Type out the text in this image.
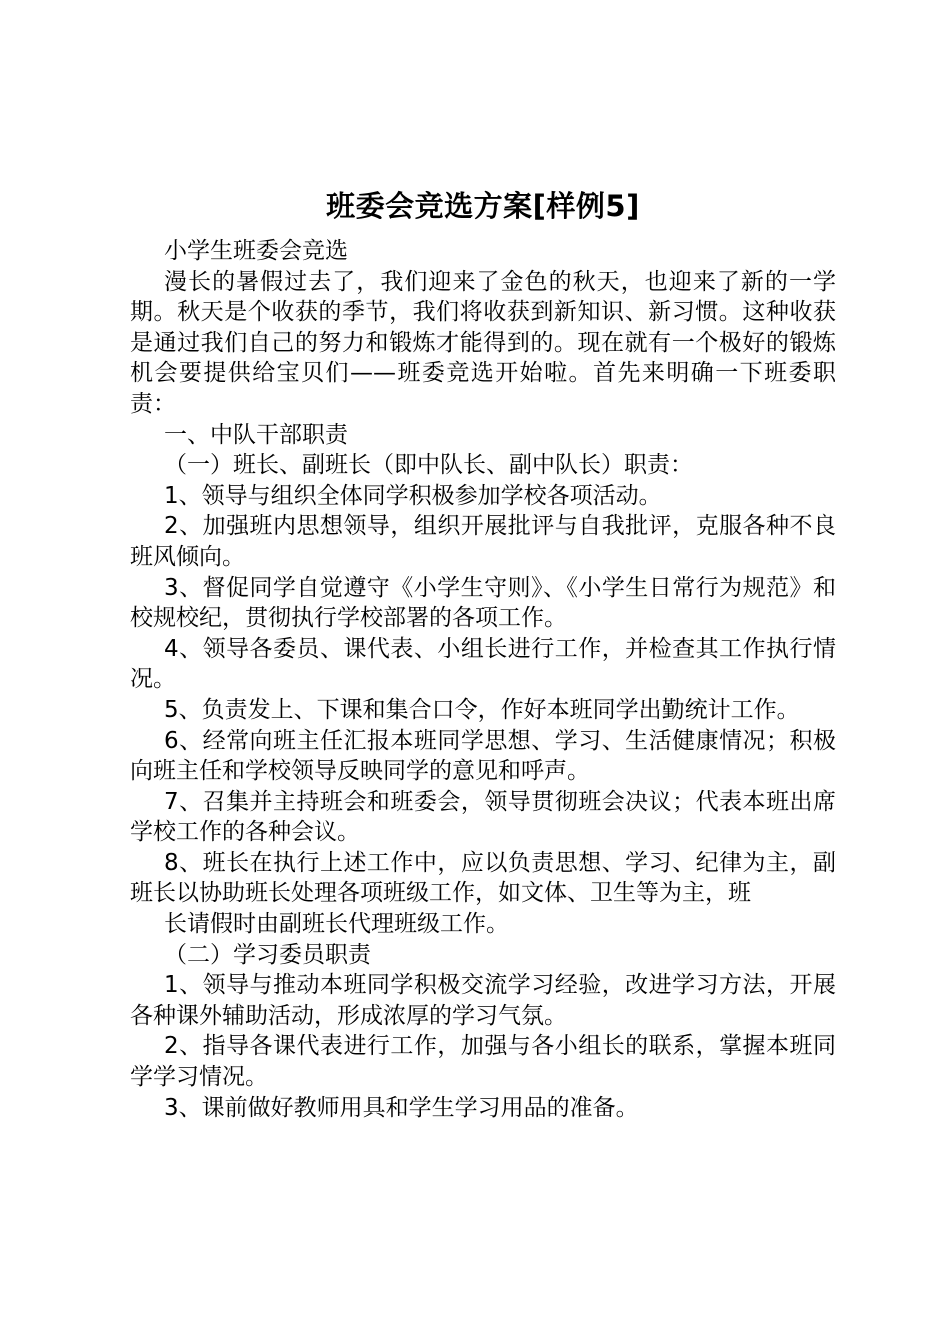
班委会竞选方案[样例5]

小学生班委会竞选

漫长的暑假过去了，我们迎来了金色的秋天，也迎来了新的一学期。秋天是个收获的季节，我们将收获到新知识、新习惯。这种收获是通过我们自己的努力和锻炼才能得到的。现在就有一个极好的锻炼机会要提供给宝贝们——班委竞选开始啦。首先来明确一下班委职责：

一、中队干部职责

（一）班长、副班长（即中队长、副中队长）职责：

1、领导与组织全体同学积极参加学校各项活动。

2、加强班内思想领导，组织开展批评与自我批评，克服各种不良班风倾向。

3、督促同学自觉遵守《小学生守则》、《小学生日常行为规范》和校规校纪，贯彻执行学校部署的各项工作。

4、领导各委员、课代表、小组长进行工作，并检查其工作执行情况。

5、负责发上、下课和集合口令，作好本班同学出勤统计工作。

6、经常向班主任汇报本班同学思想、学习、生活健康情况；积极向班主任和学校领导反映同学的意见和呼声。

7、召集并主持班会和班委会，领导贯彻班会决议；代表本班出席学校工作的各种会议。

8、班长在执行上述工作中，应以负责思想、学习、纪律为主，副班长以协助班长处理各项班级工作，如文体、卫生等为主，班

长请假时由副班长代理班级工作。

（二）学习委员职责

1、领导与推动本班同学积极交流学习经验，改进学习方法，开展各种课外辅助活动，形成浓厚的学习气氛。

2、指导各课代表进行工作，加强与各小组长的联系，掌握本班同学学习情况。

3、课前做好教师用具和学生学习用品的准备。
